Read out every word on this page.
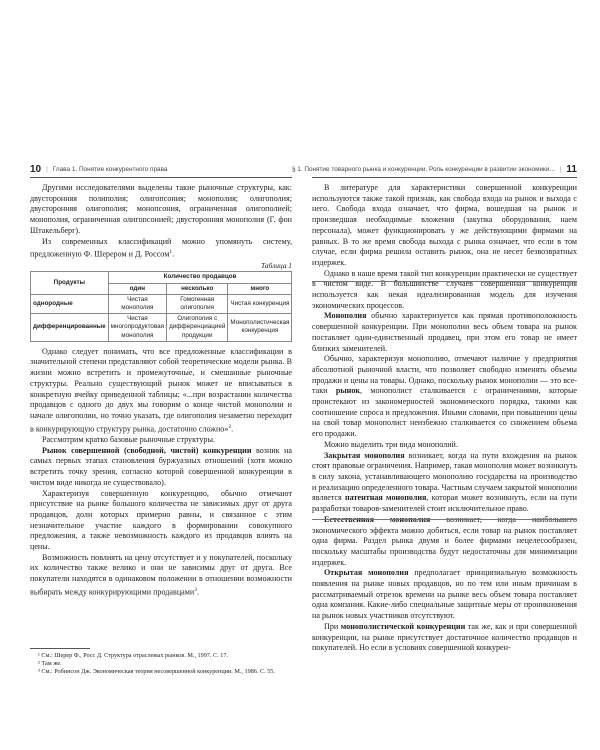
10 | Глава 1. Понятие конкурентного права

Другими исследователями выделены такие рыночные структуры, как: двусторонняя полиполия; олигопсония; монополия; олигополия; двусторонняя олигополия; монопсония, ограниченная олигополией; монополия, ограниченная олигопсонией; двусторонняя монополия (Г. фон Штакельберг).

Из современных классификаций можно упомянуть систему, предложенную Ф. Шерером и Д. Россом$^1$.

Таблица 1

Продукты	Количество продавцов		
	один	несколько	много
однородные	Чистая монополия	Гомогенная олигополия	Чистая конкуренция
дифференцированные	Чистая многопродуктовая монополия	Олигополия с дифференциацией продукции	Монополистическая конкуренция

Однако следует понимать, что все предложенные классификации в значительной степени представляют собой теоретические модели рынка. В жизни можно встретить и промежуточные, и смешанные рыночные структуры. Реально существующий рынок может не вписываться в конкретную ячейку приведенной таблицы: «...при возрастании количества продавцов с одного до двух мы говорим о конце чистой монополии и начале олигополии, но точно указать, где олигополия незаметно переходит в конкурирующую структуру рынка, достаточно сложно»$^2$.

Рассмотрим кратко базовые рыночные структуры.

Рынок совершенной (свободной, чистой) конкуренции возник на самых первых этапах становления буржуазных отношений (хотя можно встретить точку зрения, согласно которой совершенной конкуренции в чистом виде никогда не существовало).

Характеризуя совершенную конкуренцию, обычно отмечают присутствие на рынке большого количества не зависимых друг от друга продавцов, доли которых примерно равны, и связанное с этим незначительное участие каждого в формировании совокупного предложения, а также невозможность каждого из продавцов влиять на цены.

Возможность повлиять на цену отсутствует и у покупателей, поскольку их количество также велико и они не зависимы друг от друга. Все покупатели находятся в одинаковом положении в отношении возможности выбирать между конкурирующими продавцами$^3$.

¹ См.: Шерер Ф., Росс Д. Структура отраслевых рынков. М., 1997. С. 17.

² Там же.

³ См.: Робинсон Дж. Экономическая теория несовершенной конкуренции. М., 1986. С. 55.

§ 1. Понятие товарного рынка и конкуренции. Роль конкуренции в развитии экономики... | 11

В литературе для характеристики совершенной конкуренции используются также такой признак, как свобода входа на рынок и выхода с него. Свобода входа означает, что фирма, вошедшая на рынок и произведшая необходимые вложения (закупка оборудования, наем персонала), может функционировать у же действующими фирмами на равных. В то же время свобода выхода с рынка означает, что если в том случае, если фирма решила оставить рынок, она не несет безвозвратных издержек.

Однако в наше время такой тип конкуренции практически не существует в чистом виде. В большинстве случаев совершенная конкуренция используется как некая идеализированная модель для изучения экономических процессов.

Монополия обычно характеризуется как прямая противоположность совершенной конкуренции. При монополии весь объем товара на рынок поставляет один-единственный продавец, при этом его товар не имеет близких заменителей.

Обычно, характеризуя монополию, отмечают наличие у предприятия абсолютной рыночной власти, что позволяет свободно изменять объемы продажи и цены на товары. Однако, поскольку рынок монополии — это все-таки рынок, монополист сталкивается с ограничениями, которые проистекают из закономерностей экономического порядка, такими как соотношение спроса и предложения. Иными словами, при повышении цены на свой товар монополист неизбежно сталкивается со снижением объема его продажи.

Можно выделить три вида монополий.

Закрытая монополия возникает, когда на пути вхождения на рынок стоят правовые ограничения. Например, такая монополия может возникнуть в силу закона, устанавливающего монополию государства на производство и реализацию определенного товара. Частным случаем закрытой монополии является патентная монополия, которая может возникнуть, если на пути разработки товаров-заменителей стоит исключительное право.

Естественная монополия возникает, когда наибольшего экономического эффекта можно добиться, если товар на рынок поставляет одна фирма. Раздел рынка двумя и более фирмами нецелесообразен, поскольку масштабы производства будут недостаточны для минимизации издержек.

Открытая монополия предполагает принципиальную возможность появления на рынке новых продавцов, но по тем или иным причинам в рассматриваемый отрезок времени на рынке весь объем товара поставляет одна компания. Какие-либо специальные защитные меры от проникновения на рынок новых участников отсутствуют.

При монополистической конкуренции так же, как и при совершенной конкуренции, на рынке присутствует достаточное количество продавцов и покупателей. Но если в условиях совершенной конкурен-
